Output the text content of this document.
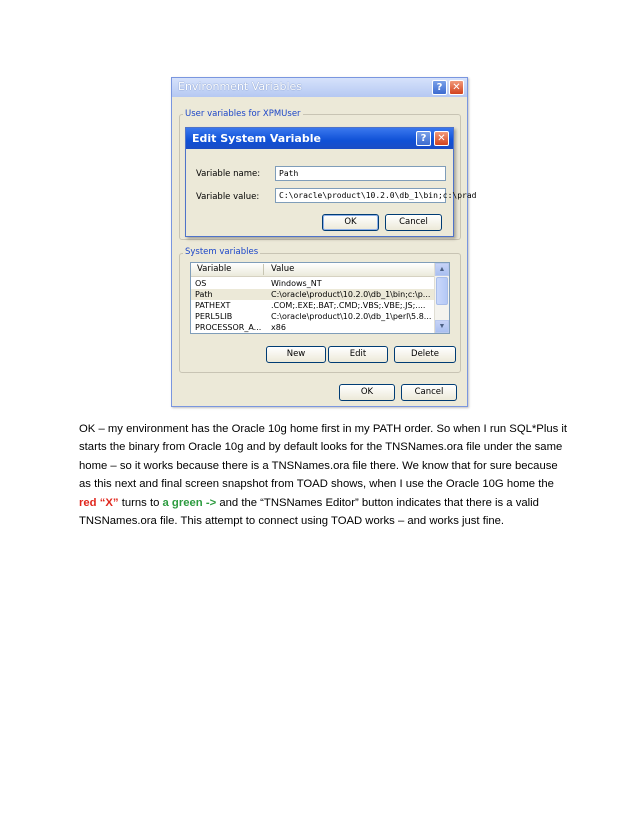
Environment Variables	? ✕
User variables for XPMUser
System variables
New	Edit	Delete
OK	Cancel
Variable	Value
OS	Windows_NT
Path	C:\oracle\product\10.2.0\db_1\bin;c:\p...
PATHEXT	.COM;.EXE;.BAT;.CMD;.VBS;.VBE;.JS;....
PERL5LIB	C:\oracle\product\10.2.0\db_1\perl\5.8...
PROCESSOR_A... x86
▲
▼
Edit System Variable	?	✕
Variable name:	Path
Variable value:	C:\oracle\product\10.2.0\db_1\bin;c:\prad
OK	Cancel
OK – my environment has the Oracle 10g home first in my PATH order. So when I run SQL*Plus it starts the binary from Oracle 10g and by default looks for the TNSNames.ora file under the same home – so it works because there is a TNSNames.ora file there. We know that for sure because as this next and final screen snapshot from TOAD shows, when I use the Oracle 10G home the red “X” turns to a green -> and the “TNSNames Editor” button indicates that there is a valid TNSNames.ora file. This attempt to connect using TOAD works – and works just fine.
